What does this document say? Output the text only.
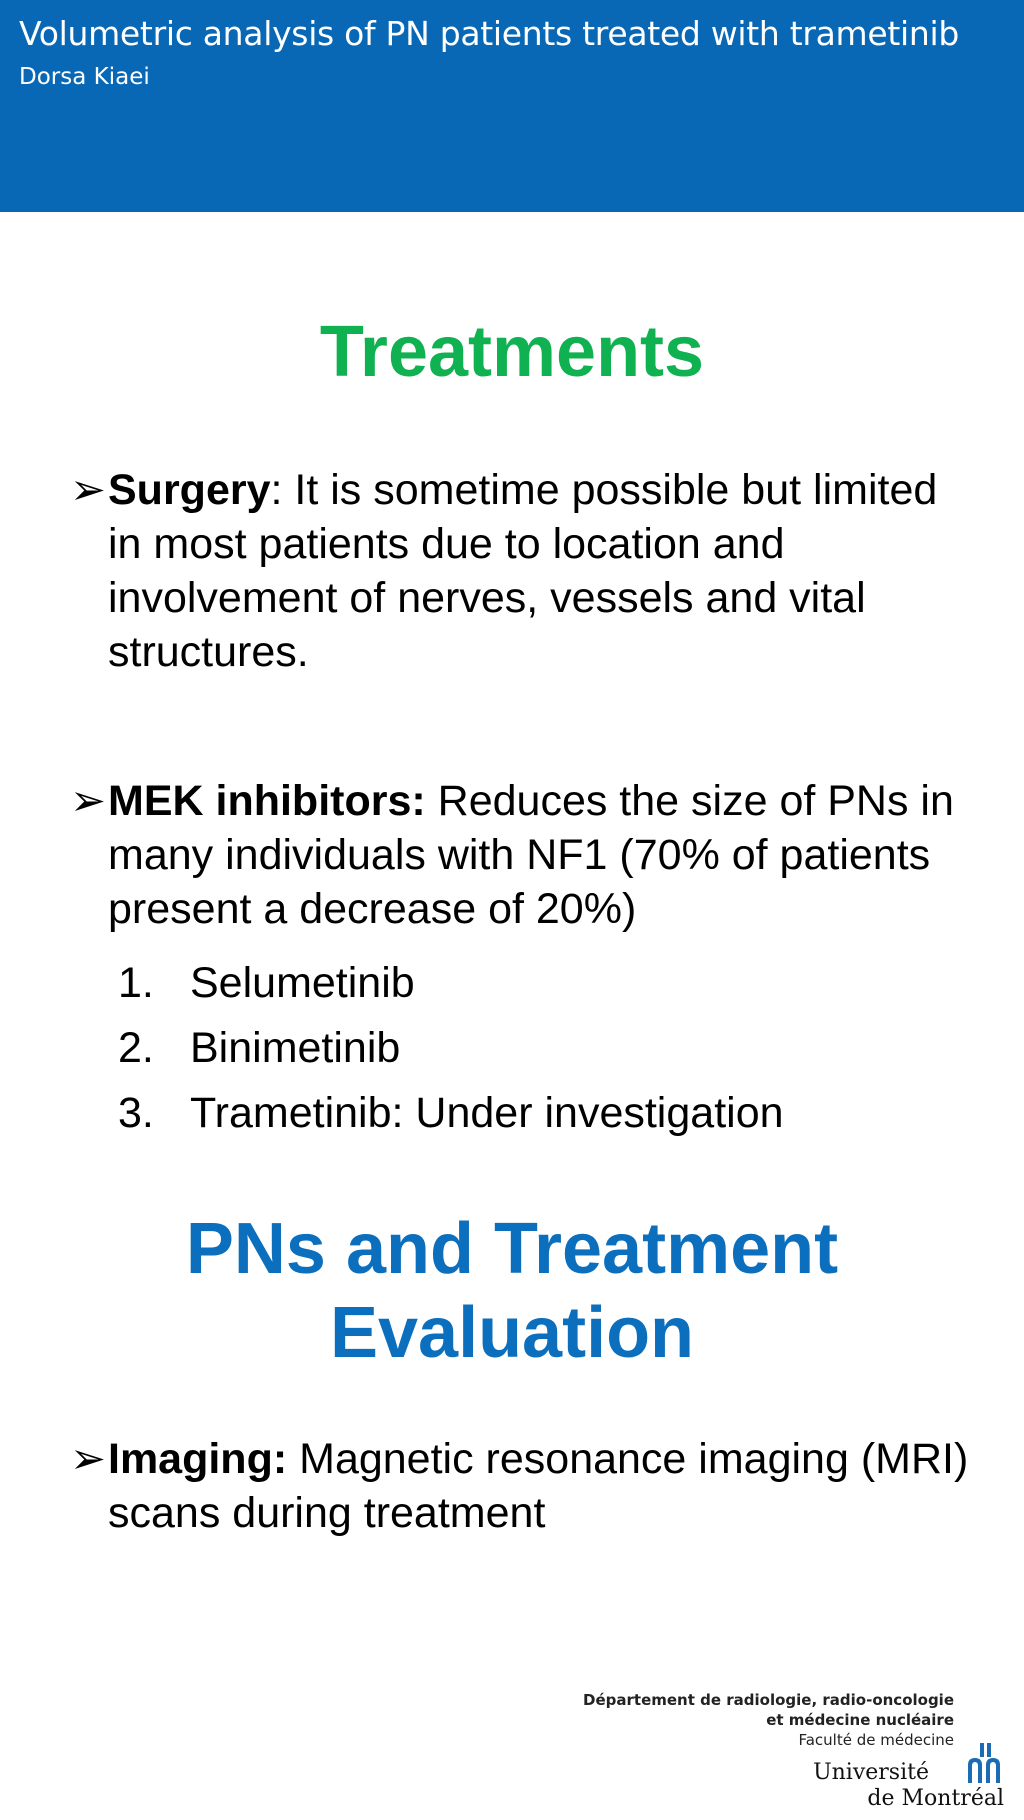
Volumetric analysis of PN patients treated with trametinib
Dorsa Kiaei
Treatments
➢ Surgery: It is sometime possible but limited in most patients due to location and involvement of nerves, vessels and vital structures.
➢ MEK inhibitors: Reduces the size of PNs in many individuals with NF1 (70% of patients present a decrease of 20%)
1. Selumetinib
2. Binimetinib
3. Trametinib: Under investigation
PNs and Treatment
Evaluation
➢ Imaging: Magnetic resonance imaging (MRI) scans during treatment
Département de radiologie, radio-oncologie
et médecine nucléaire
Faculté de médecine
Université
de Montréal
